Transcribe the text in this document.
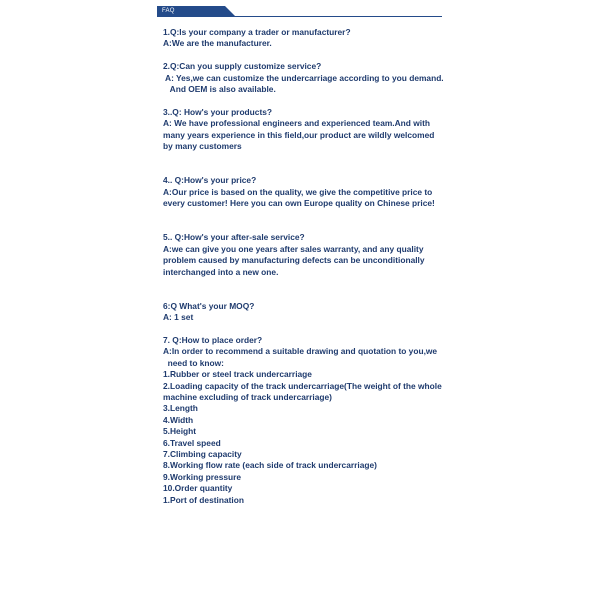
FAQ

1.Q:Is your company a trader or manufacturer?

A:We are the manufacturer.

2.Q:Can you supply customize service?

A: Yes,we can customize the undercarriage according to you demand.

And OEM is also available.

3..Q: How's your products?

A: We have professional engineers and experienced team.And with

many years experience in this field,our product are wildly welcomed

by many customers

4.. Q:How's your price?

A:Our price is based on the quality, we give the competitive price to

every customer! Here you can own Europe quality on Chinese price!

5.. Q:How's your after-sale service?

A:we can give you one years after sales warranty, and any quality

problem caused by manufacturing defects can be unconditionally

interchanged into a new one.

6:Q What's your MOQ?

A: 1 set

7. Q:How to place order?

A:In order to recommend a suitable drawing and quotation to you,we

need to know:

1.Rubber or steel track undercarriage

2.Loading capacity of the track undercarriage(The weight of the whole

machine excluding of track undercarriage)

3.Length

4.Width

5.Height

6.Travel speed

7.Climbing capacity

8.Working flow rate (each side of track undercarriage)

9.Working pressure

10.Order quantity

1.Port of destination
